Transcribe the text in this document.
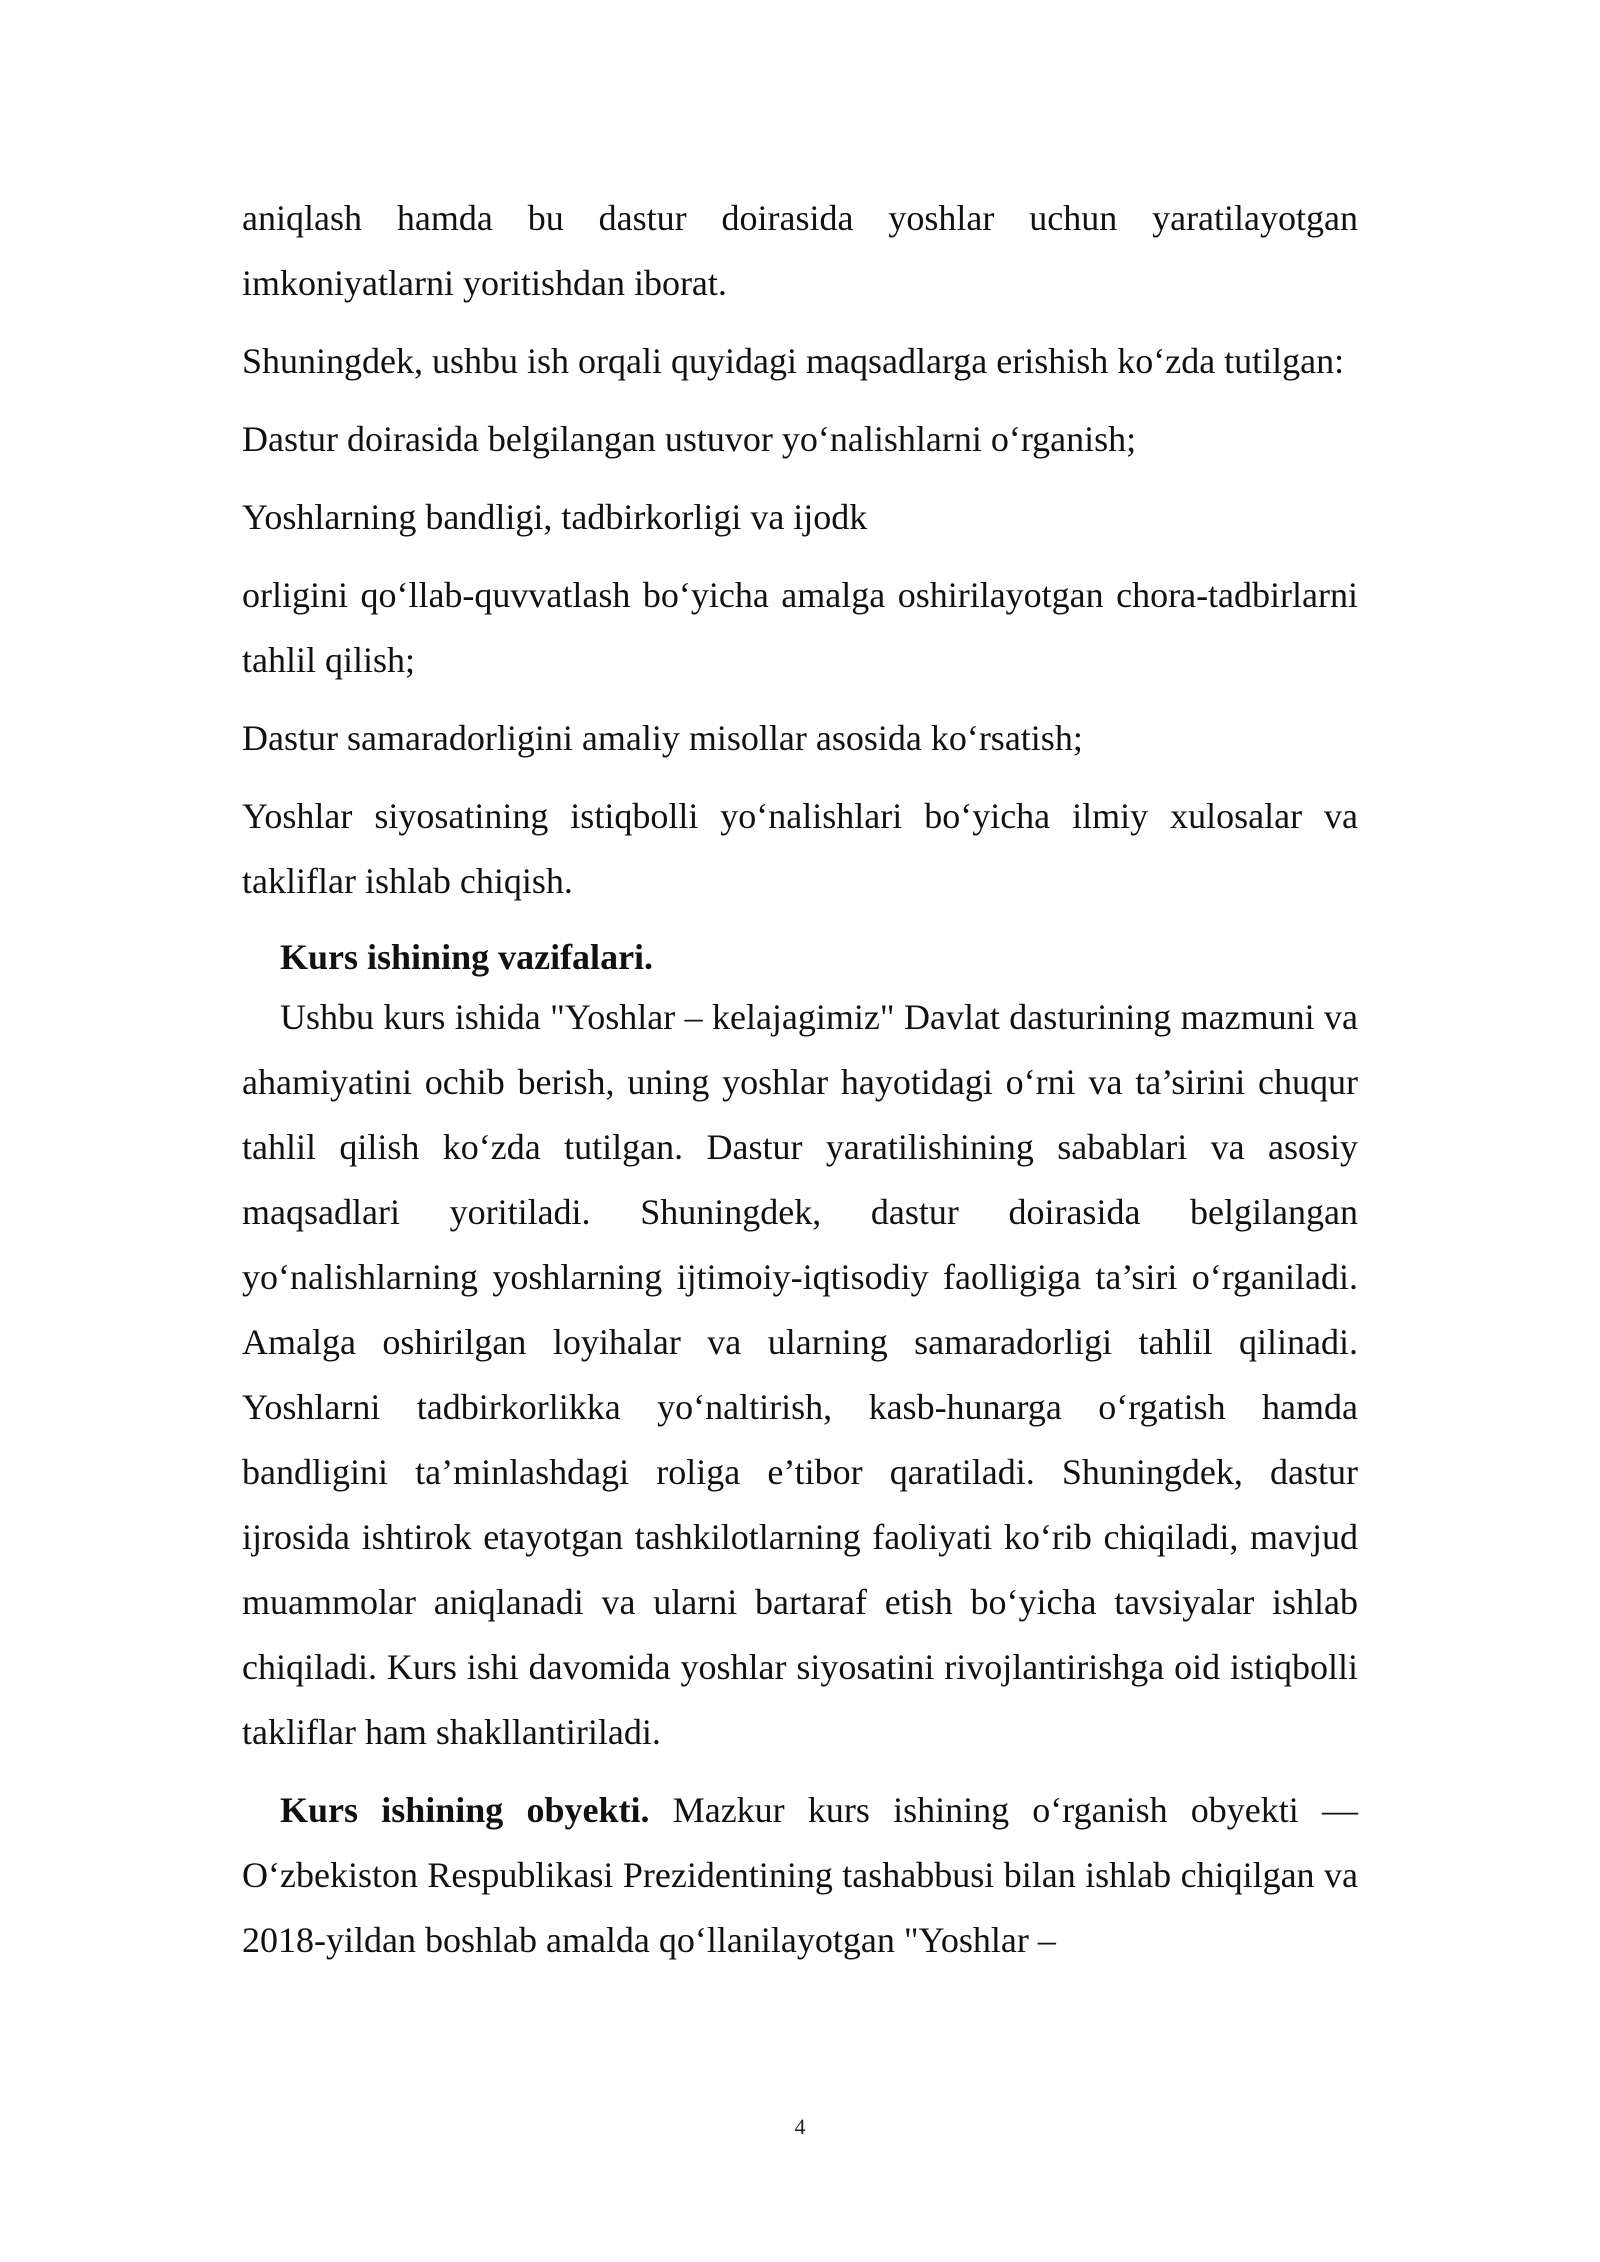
aniqlash hamda bu dastur doirasida yoshlar uchun yaratilayotgan imkoniyatlarni yoritishdan iborat.

Shuningdek, ushbu ish orqali quyidagi maqsadlarga erishish ko‘zda tutilgan:

Dastur doirasida belgilangan ustuvor yo‘nalishlarni o‘rganish;

Yoshlarning bandligi, tadbirkorligi va ijodk

orligini qo‘llab-quvvatlash bo‘yicha amalga oshirilayotgan chora-tadbirlarni tahlil qilish;

Dastur samaradorligini amaliy misollar asosida ko‘rsatish;

Yoshlar siyosatining istiqbolli yo‘nalishlari bo‘yicha ilmiy xulosalar va takliflar ishlab chiqish.

Kurs ishining vazifalari.

Ushbu kurs ishida "Yoshlar – kelajagimiz" Davlat dasturining mazmuni va ahamiyatini ochib berish, uning yoshlar hayotidagi o‘rni va ta’sirini chuqur tahlil qilish ko‘zda tutilgan. Dastur yaratilishining sabablari va asosiy maqsadlari yoritiladi. Shuningdek, dastur doirasida belgilangan yo‘nalishlarning yoshlarning ijtimoiy-iqtisodiy faolligiga ta’siri o‘rganiladi. Amalga oshirilgan loyihalar va ularning samaradorligi tahlil qilinadi. Yoshlarni tadbirkorlikka yo‘naltirish, kasb-hunarga o‘rgatish hamda bandligini ta’minlashdagi roliga e’tibor qaratiladi. Shuningdek, dastur ijrosida ishtirok etayotgan tashkilotlarning faoliyati ko‘rib chiqiladi, mavjud muammolar aniqlanadi va ularni bartaraf etish bo‘yicha tavsiyalar ishlab chiqiladi. Kurs ishi davomida yoshlar siyosatini rivojlantirishga oid istiqbolli takliflar ham shakllantiriladi.

Kurs ishining obyekti. Mazkur kurs ishining o‘rganish obyekti — O‘zbekiston Respublikasi Prezidentining tashabbusi bilan ishlab chiqilgan va 2018-yildan boshlab amalda qo‘llanilayotgan "Yoshlar –

4
